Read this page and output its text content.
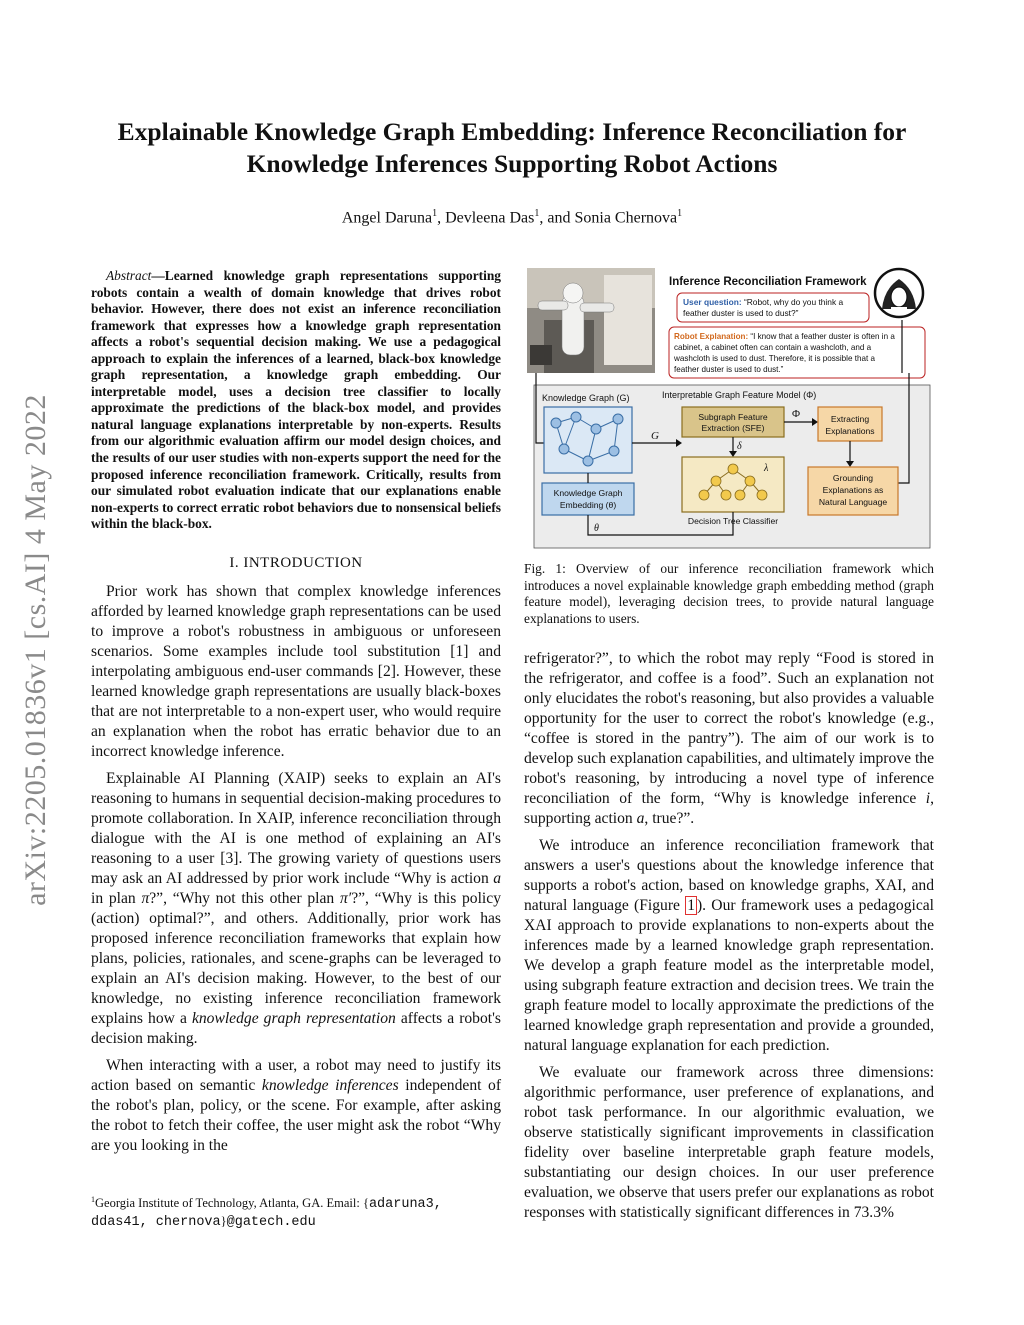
arXiv:2205.01836v1 [cs.AI] 4 May 2022
Explainable Knowledge Graph Embedding: Inference Reconciliation for
Knowledge Inferences Supporting Robot Actions
Angel Daruna$^1$, Devleena Das$^1$, and Sonia Chernova$^1$

Abstract—Learned knowledge graph representations supporting robots contain a wealth of domain knowledge that drives robot behavior. However, there does not exist an inference reconciliation framework that expresses how a knowledge graph representation affects a robot's sequential decision making. We use a pedagogical approach to explain the inferences of a learned, black-box knowledge graph representation, a knowledge graph embedding. Our interpretable model, uses a decision tree classifier to locally approximate the predictions of the black-box model, and provides natural language explanations interpretable by non-experts. Results from our algorithmic evaluation affirm our model design choices, and the results of our user studies with non-experts support the need for the proposed inference reconciliation framework. Critically, results from our simulated robot evaluation indicate that our explanations enable non-experts to correct erratic robot behaviors due to nonsensical beliefs within the black-box.

I. INTRODUCTION

Prior work has shown that complex knowledge inferences afforded by learned knowledge graph representations can be used to improve a robot's robustness in ambiguous or unforeseen scenarios. Some examples include tool substitution [1] and interpolating ambiguous end-user commands [2]. However, these learned knowledge graph representations are usually black-boxes that are not interpretable to a non-expert user, who would require an explanation when the robot has erratic behavior due to an incorrect knowledge inference.

Explainable AI Planning (XAIP) seeks to explain an AI's reasoning to humans in sequential decision-making procedures to promote collaboration. In XAIP, inference reconciliation through dialogue with the AI is one method of explaining an AI's reasoning to a user [3]. The growing variety of questions users may ask an AI addressed by prior work include “Why is action a in plan π?”, “Why not this other plan π′?”, “Why is this policy (action) optimal?”, and others. Additionally, prior work has proposed inference reconciliation frameworks that explain how plans, policies, rationales, and scene-graphs can be leveraged to explain an AI's decision making. However, to the best of our knowledge, no existing inference reconciliation framework explains how a knowledge graph representation affects a robot's decision making.

When interacting with a user, a robot may need to justify its action based on semantic knowledge inferences independent of the robot's plan, policy, or the scene. For example, after asking the robot to fetch their coffee, the user might ask the robot “Why are you looking in the

$^1$Georgia Institute of Technology, Atlanta, GA. Email: {adaruna3, ddas41, chernova}@gatech.edu
Inference Reconciliation Framework
User question: “Robot, why do you think a
feather duster is used to dust?”
Robot Explanation: “I know that a feather duster is often in a
cabinet, a cabinet often can contain a washcloth, and a
washcloth is used to dust. Therefore, it is possible that a
feather duster is used to dust.”
Knowledge Graph (G)	Interpretable Graph Feature Model (Φ)
G
Subgraph Feature
Extraction (SFE)
δ
λ
Decision Tree Classifier
Φ	Extracting
Explanations
Grounding
Explanations as
Natural Language
Knowledge Graph
Embedding (θ)
θ
Fig. 1: Overview of our inference reconciliation framework which introduces a novel explainable knowledge graph embedding method (graph feature model), leveraging decision trees, to provide natural language explanations to users.

refrigerator?”, to which the robot may reply “Food is stored in the refrigerator, and coffee is a food”. Such an explanation not only elucidates the robot's reasoning, but also provides a valuable opportunity for the user to correct the robot's knowledge (e.g., “coffee is stored in the pantry”). The aim of our work is to develop such explanation capabilities, and ultimately improve the robot's reasoning, by introducing a novel type of inference reconciliation of the form, “Why is knowledge inference i, supporting action a, true?”.

We introduce an inference reconciliation framework that answers a user's questions about the knowledge inference that supports a robot's action, based on knowledge graphs, XAI, and natural language (Figure 1 ). Our framework uses a pedagogical XAI approach to provide explanations to non-experts about the inferences made by a learned knowledge graph representation. We develop a graph feature model as the interpretable model, using subgraph feature extraction and decision trees. We train the graph feature model to locally approximate the predictions of the learned knowledge graph representation and provide a grounded, natural language explanation for each prediction.

We evaluate our framework across three dimensions: algorithmic performance, user preference of explanations, and robot task performance. In our algorithmic evaluation, we observe statistically significant improvements in classification fidelity over baseline interpretable graph feature models, substantiating our design choices. In our user preference evaluation, we observe that users prefer our explanations as robot responses with statistically significant differences in 73.3%
